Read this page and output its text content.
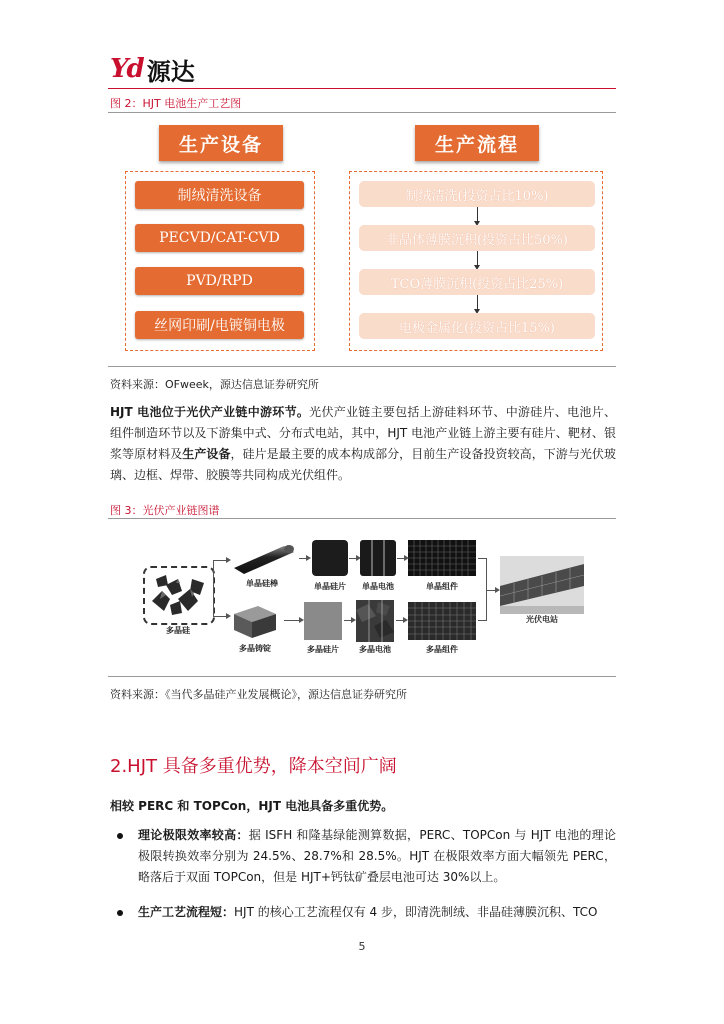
Yd 源达
图 2：HJT 电池生产工艺图
生产设备	生产流程
制绒清洗设备
PECVD/CAT-CVD
PVD/RPD
丝网印刷/电镀铜电极
制绒清洗(投资占比10%)
非晶体薄膜沉积(投资占比50%)
TCO薄膜沉积(投资占比25%)
电极金属化(投资占比15%)
资料来源：OFweek，源达信息证券研究所
HJT 电池位于光伏产业链中游环节。光伏产业链主要包括上游硅料环节、中游硅片、电池片、组件制造环节以及下游集中式、分布式电站，其中，HJT 电池产业链上游主要有硅片、靶材、银浆等原材料及生产设备，硅片是最主要的成本构成部分，目前生产设备投资较高，下游与光伏玻璃、边框、焊带、胶膜等共同构成光伏组件。
图 3：光伏产业链图谱
多晶硅
单晶硅棒	单晶硅片	单晶电池	单晶组件
多晶铸锭	多晶硅片	多晶电池	多晶组件
光伏电站
资料来源：《当代多晶硅产业发展概论》，源达信息证券研究所
2.HJT 具备多重优势，降本空间广阔
相较 PERC 和 TOPCon，HJT 电池具备多重优势。
理论极限效率较高：据 ISFH 和隆基绿能测算数据，PERC、TOPCon 与 HJT 电池的理论极限转换效率分别为 24.5%、28.7%和 28.5%。HJT 在极限效率方面大幅领先 PERC，略落后于双面 TOPCon，但是 HJT+钙钛矿叠层电池可达 30%以上。
生产工艺流程短：HJT 的核心工艺流程仅有 4 步，即清洗制绒、非晶硅薄膜沉积、TCO
5
